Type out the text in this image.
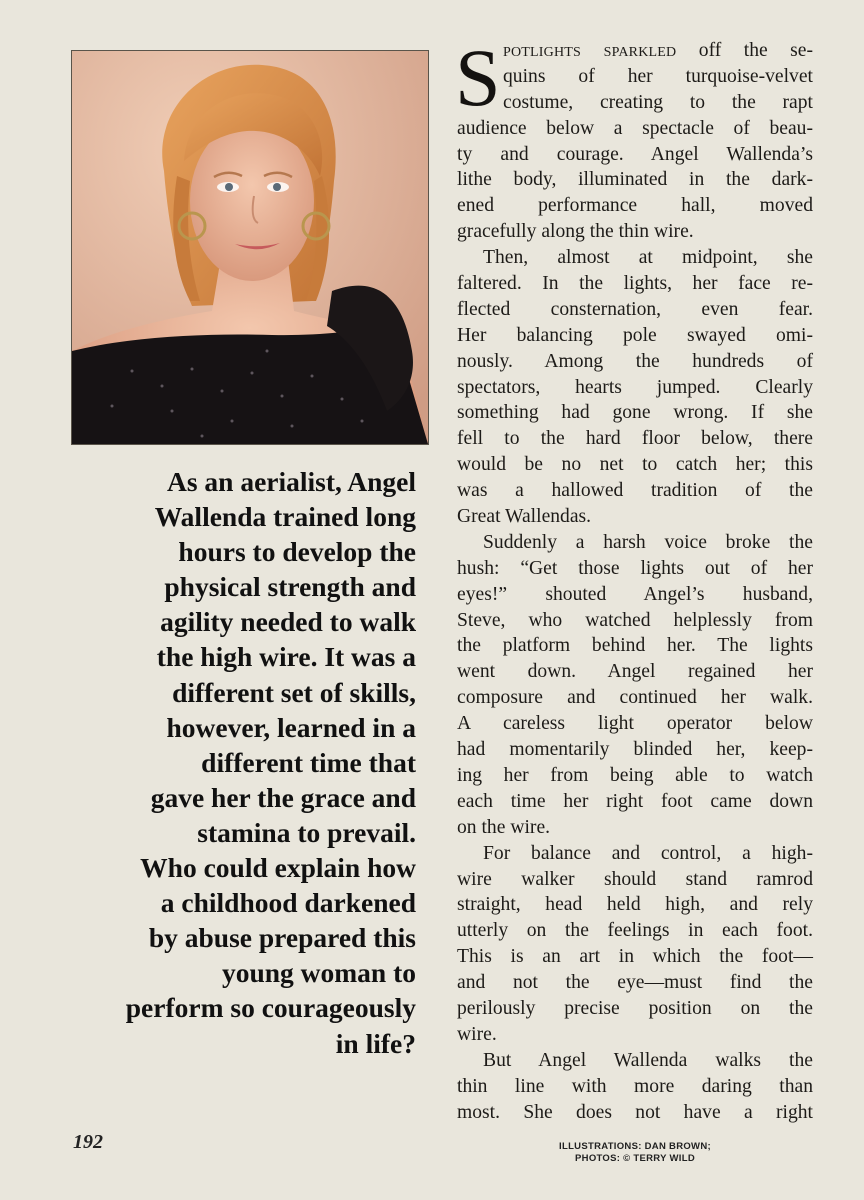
As an aerialist, Angel
Wallenda trained long
hours to develop the
physical strength and
agility needed to walk
the high wire. It was a
different set of skills,
however, learned in a
different time that
gave her the grace and
stamina to prevail.
Who could explain how
a childhood darkened
by abuse prepared this
young woman to
perform so courageously
in life?
S potlights sparkled off the se-
quins of her turquoise-velvet
costume, creating to the rapt
audience below a spectacle of beau-
ty and courage. Angel Wallenda’s
lithe body, illuminated in the dark-
ened performance hall, moved
gracefully along the thin wire.
Then, almost at midpoint, she
faltered. In the lights, her face re-
flected consternation, even fear.
Her balancing pole swayed omi-
nously. Among the hundreds of
spectators, hearts jumped. Clearly
something had gone wrong. If she
fell to the hard floor below, there
would be no net to catch her; this
was a hallowed tradition of the
Great Wallendas.
Suddenly a harsh voice broke the
hush: “Get those lights out of her
eyes!” shouted Angel’s husband,
Steve, who watched helplessly from
the platform behind her. The lights
went down. Angel regained her
composure and continued her walk.
A careless light operator below
had momentarily blinded her, keep-
ing her from being able to watch
each time her right foot came down
on the wire.
For balance and control, a high-
wire walker should stand ramrod
straight, head held high, and rely
utterly on the feelings in each foot.
This is an art in which the foot—
and not the eye—must find the
perilously precise position on the
wire.
But Angel Wallenda walks the
thin line with more daring than
most. She does not have a right
192	ILLUSTRATIONS: DAN BROWN;
PHOTOS: © TERRY WILD
